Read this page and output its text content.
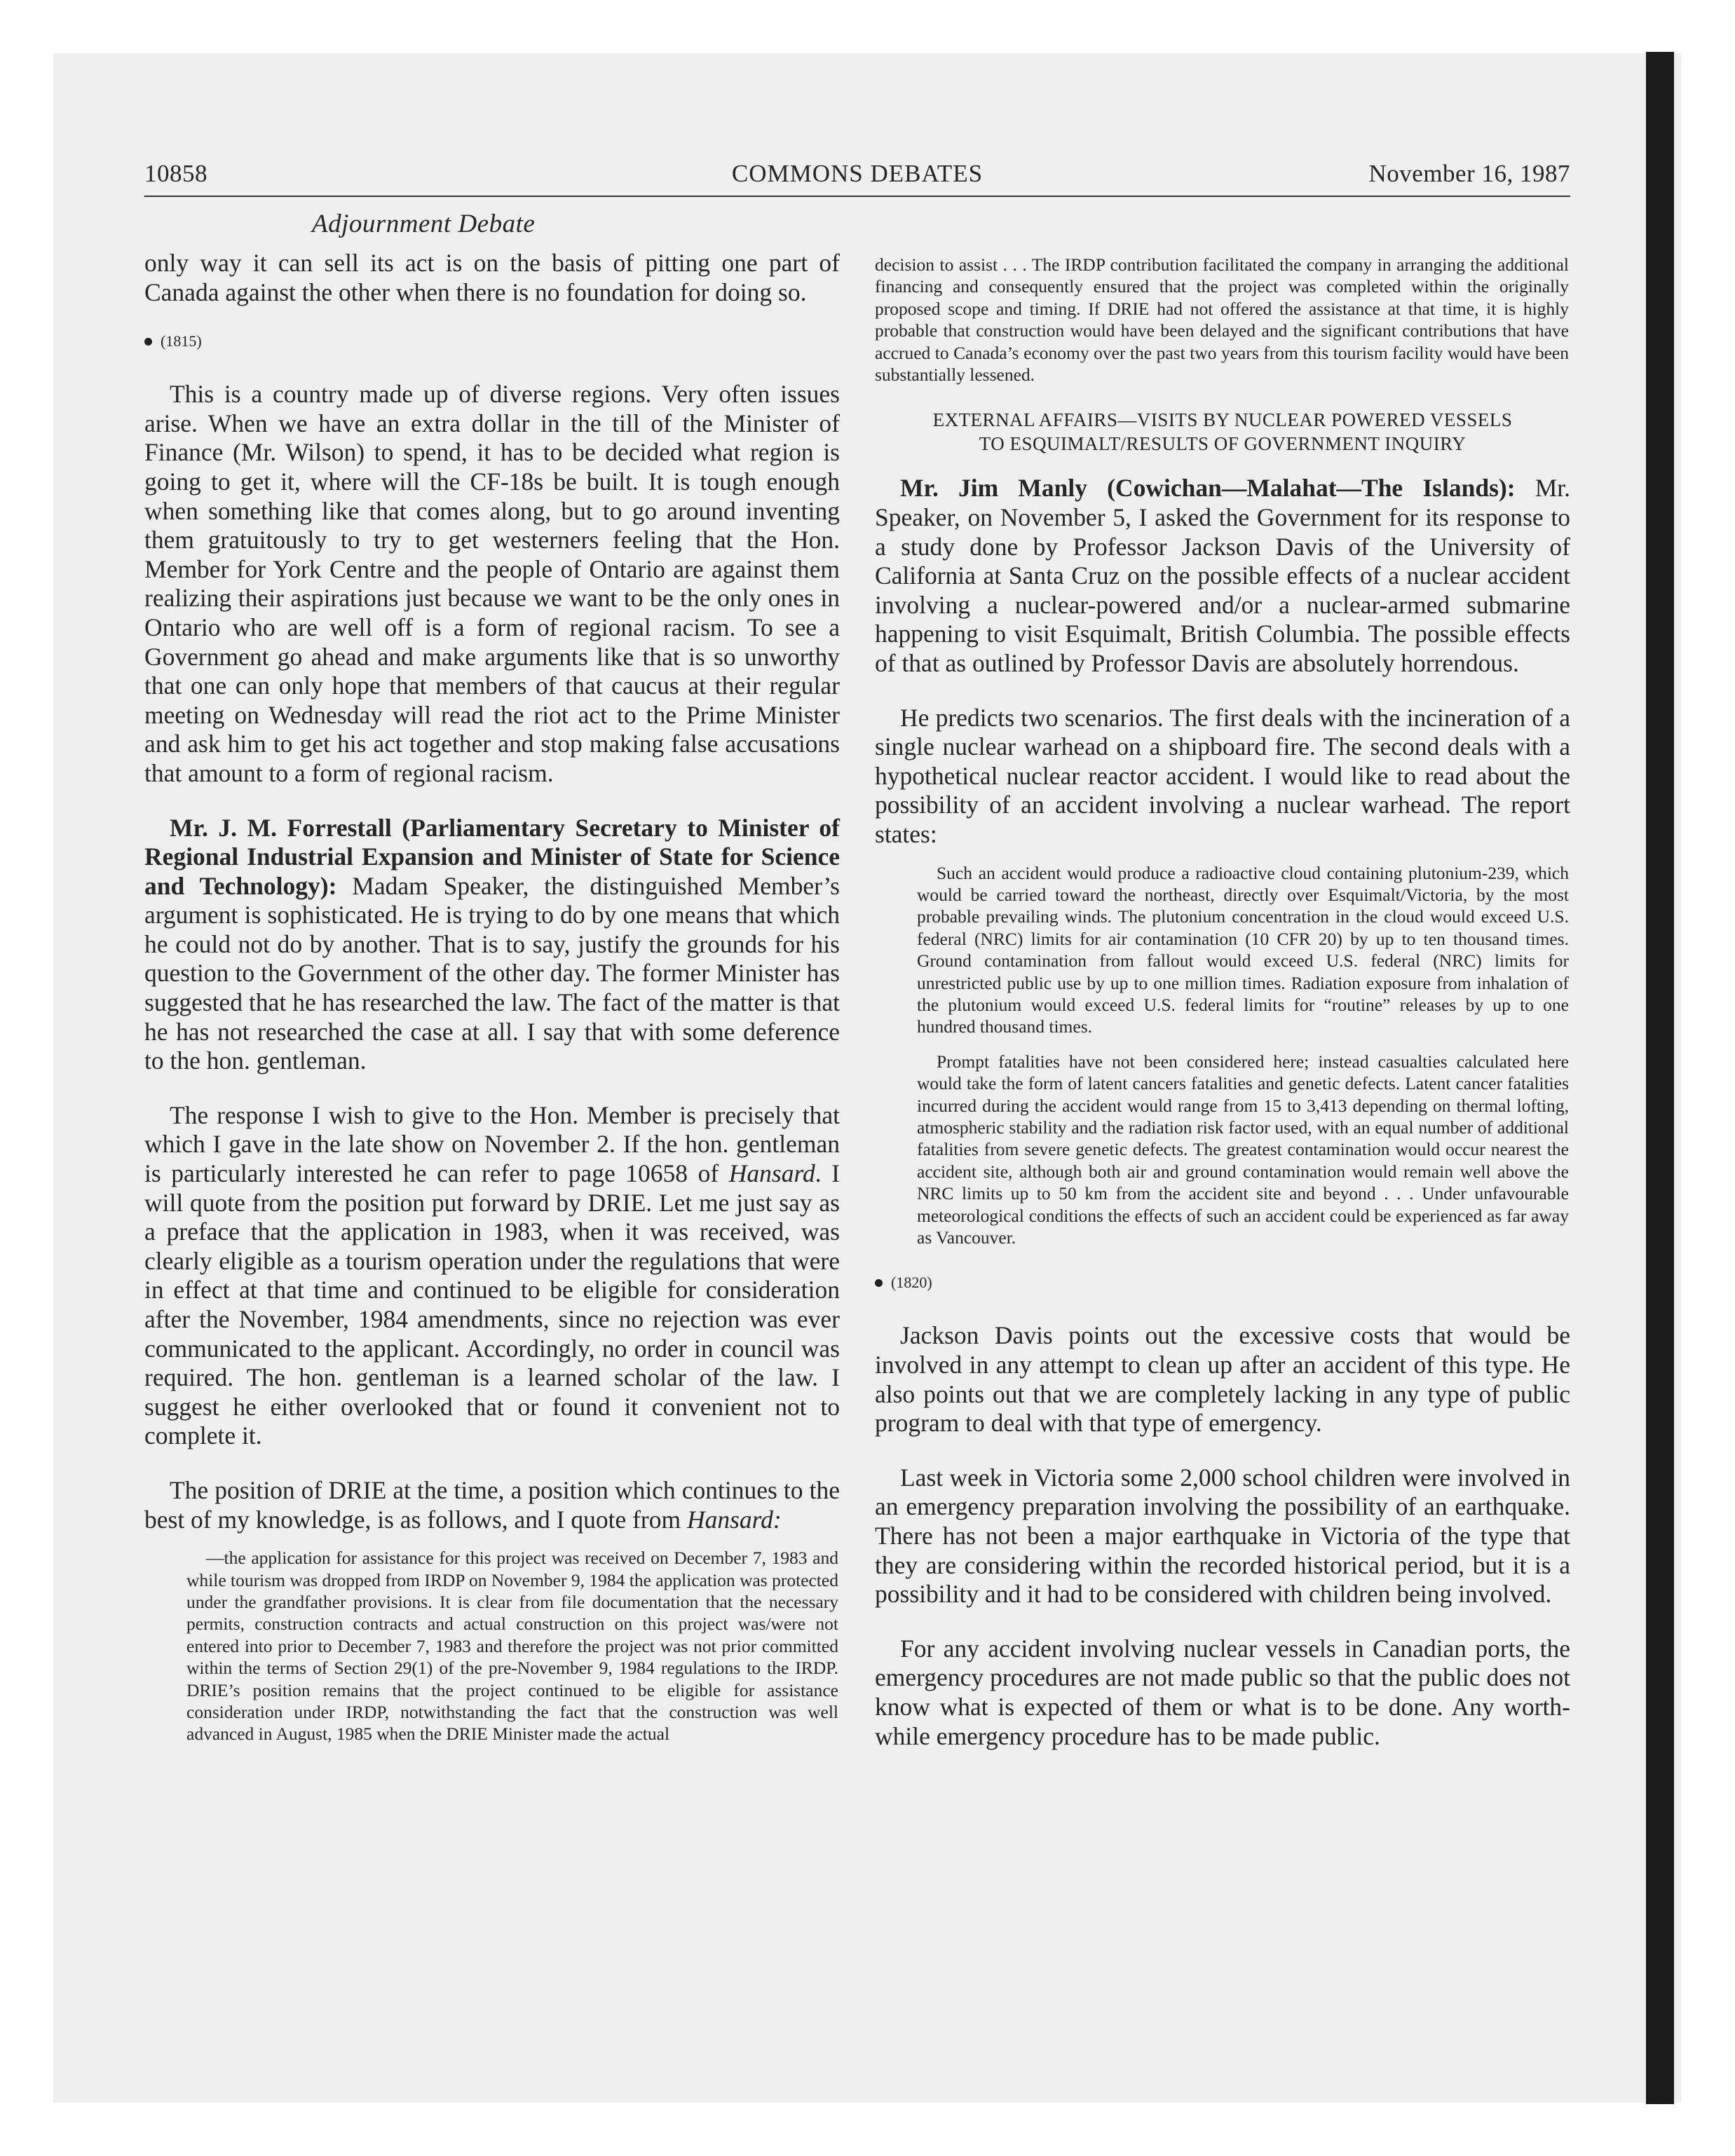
10858	COMMONS DEBATES	November 16, 1987
Adjournment Debate

only way it can sell its act is on the basis of pitting one part of Canada against the other when there is no foundation for doing so.

(1815)

This is a country made up of diverse regions. Very often issues arise. When we have an extra dollar in the till of the Minister of Finance (Mr. Wilson) to spend, it has to be decided what region is going to get it, where will the CF-18s be built. It is tough enough when something like that comes along, but to go around inventing them gratuitously to try to get westerners feeling that the Hon. Member for York Centre and the people of Ontario are against them realizing their aspirations just because we want to be the only ones in Ontario who are well off is a form of regional racism. To see a Government go ahead and make arguments like that is so unworthy that one can only hope that members of that caucus at their regular meeting on Wednesday will read the riot act to the Prime Minister and ask him to get his act together and stop making false accusations that amount to a form of regional racism.

Mr. J. M. Forrestall (Parliamentary Secretary to Minister of Regional Industrial Expansion and Minister of State for Science and Technology): Madam Speaker, the distinguished Member’s argument is sophisticated. He is trying to do by one means that which he could not do by another. That is to say, justify the grounds for his question to the Government of the other day. The former Minister has suggested that he has researched the law. The fact of the matter is that he has not researched the case at all. I say that with some deference to the hon. gentleman.

The response I wish to give to the Hon. Member is precisely that which I gave in the late show on November 2. If the hon. gentleman is particularly interested he can refer to page 10658 of Hansard. I will quote from the position put forward by DRIE. Let me just say as a preface that the application in 1983, when it was received, was clearly eligible as a tourism operation under the regulations that were in effect at that time and continued to be eligible for consideration after the November, 1984 amendments, since no rejection was ever communicated to the applicant. Accordingly, no order in council was required. The hon. gentleman is a learned scholar of the law. I suggest he either overlooked that or found it convenient not to complete it.

The position of DRIE at the time, a position which continues to the best of my knowledge, is as follows, and I quote from Hansard:

—the application for assistance for this project was received on December 7, 1983 and while tourism was dropped from IRDP on November 9, 1984 the application was protected under the grandfather provisions. It is clear from file documentation that the necessary permits, construction contracts and actual construction on this project was/were not entered into prior to December 7, 1983 and therefore the project was not prior committed within the terms of Section 29(1) of the pre-November 9, 1984 regulations to the IRDP. DRIE’s position remains that the project continued to be eligible for assistance consideration under IRDP, notwithstanding the fact that the construction was well advanced in August, 1985 when the DRIE Minister made the actual

decision to assist . . . The IRDP contribution facilitated the company in arranging the additional financing and consequently ensured that the project was completed within the originally proposed scope and timing. If DRIE had not offered the assistance at that time, it is highly probable that construction would have been delayed and the significant contributions that have accrued to Canada’s economy over the past two years from this tourism facility would have been substantially lessened.

EXTERNAL AFFAIRS—VISITS BY NUCLEAR POWERED VESSELS
TO ESQUIMALT/RESULTS OF GOVERNMENT INQUIRY

Mr. Jim Manly (Cowichan—Malahat—The Islands): Mr. Speaker, on November 5, I asked the Government for its response to a study done by Professor Jackson Davis of the University of California at Santa Cruz on the possible effects of a nuclear accident involving a nuclear-powered and/or a nuclear-armed submarine happening to visit Esquimalt, British Columbia. The possible effects of that as outlined by Professor Davis are absolutely horrendous.

He predicts two scenarios. The first deals with the incineration of a single nuclear warhead on a shipboard fire. The second deals with a hypothetical nuclear reactor accident. I would like to read about the possibility of an accident involving a nuclear warhead. The report states:

Such an accident would produce a radioactive cloud containing plutonium-239, which would be carried toward the northeast, directly over Esquimalt/Victoria, by the most probable prevailing winds. The plutonium concentration in the cloud would exceed U.S. federal (NRC) limits for air contamination (10 CFR 20) by up to ten thousand times. Ground contamination from fallout would exceed U.S. federal (NRC) limits for unrestricted public use by up to one million times. Radiation exposure from inhalation of the plutonium would exceed U.S. federal limits for “routine” releases by up to one hundred thousand times.

Prompt fatalities have not been considered here; instead casualties calculated here would take the form of latent cancers fatalities and genetic defects. Latent cancer fatalities incurred during the accident would range from 15 to 3,413 depending on thermal lofting, atmospheric stability and the radiation risk factor used, with an equal number of additional fatalities from severe genetic defects. The greatest contamination would occur nearest the accident site, although both air and ground contamination would remain well above the NRC limits up to 50 km from the accident site and beyond . . . Under unfavourable meteorological conditions the effects of such an accident could be experienced as far away as Vancouver.

(1820)

Jackson Davis points out the excessive costs that would be involved in any attempt to clean up after an accident of this type. He also points out that we are completely lacking in any type of public program to deal with that type of emergency.

Last week in Victoria some 2,000 school children were involved in an emergency preparation involving the possibility of an earthquake. There has not been a major earthquake in Victoria of the type that they are considering within the recorded historical period, but it is a possibility and it had to be considered with children being involved.

For any accident involving nuclear vessels in Canadian ports, the emergency procedures are not made public so that the public does not know what is expected of them or what is to be done. Any worth-while emergency procedure has to be made public.
